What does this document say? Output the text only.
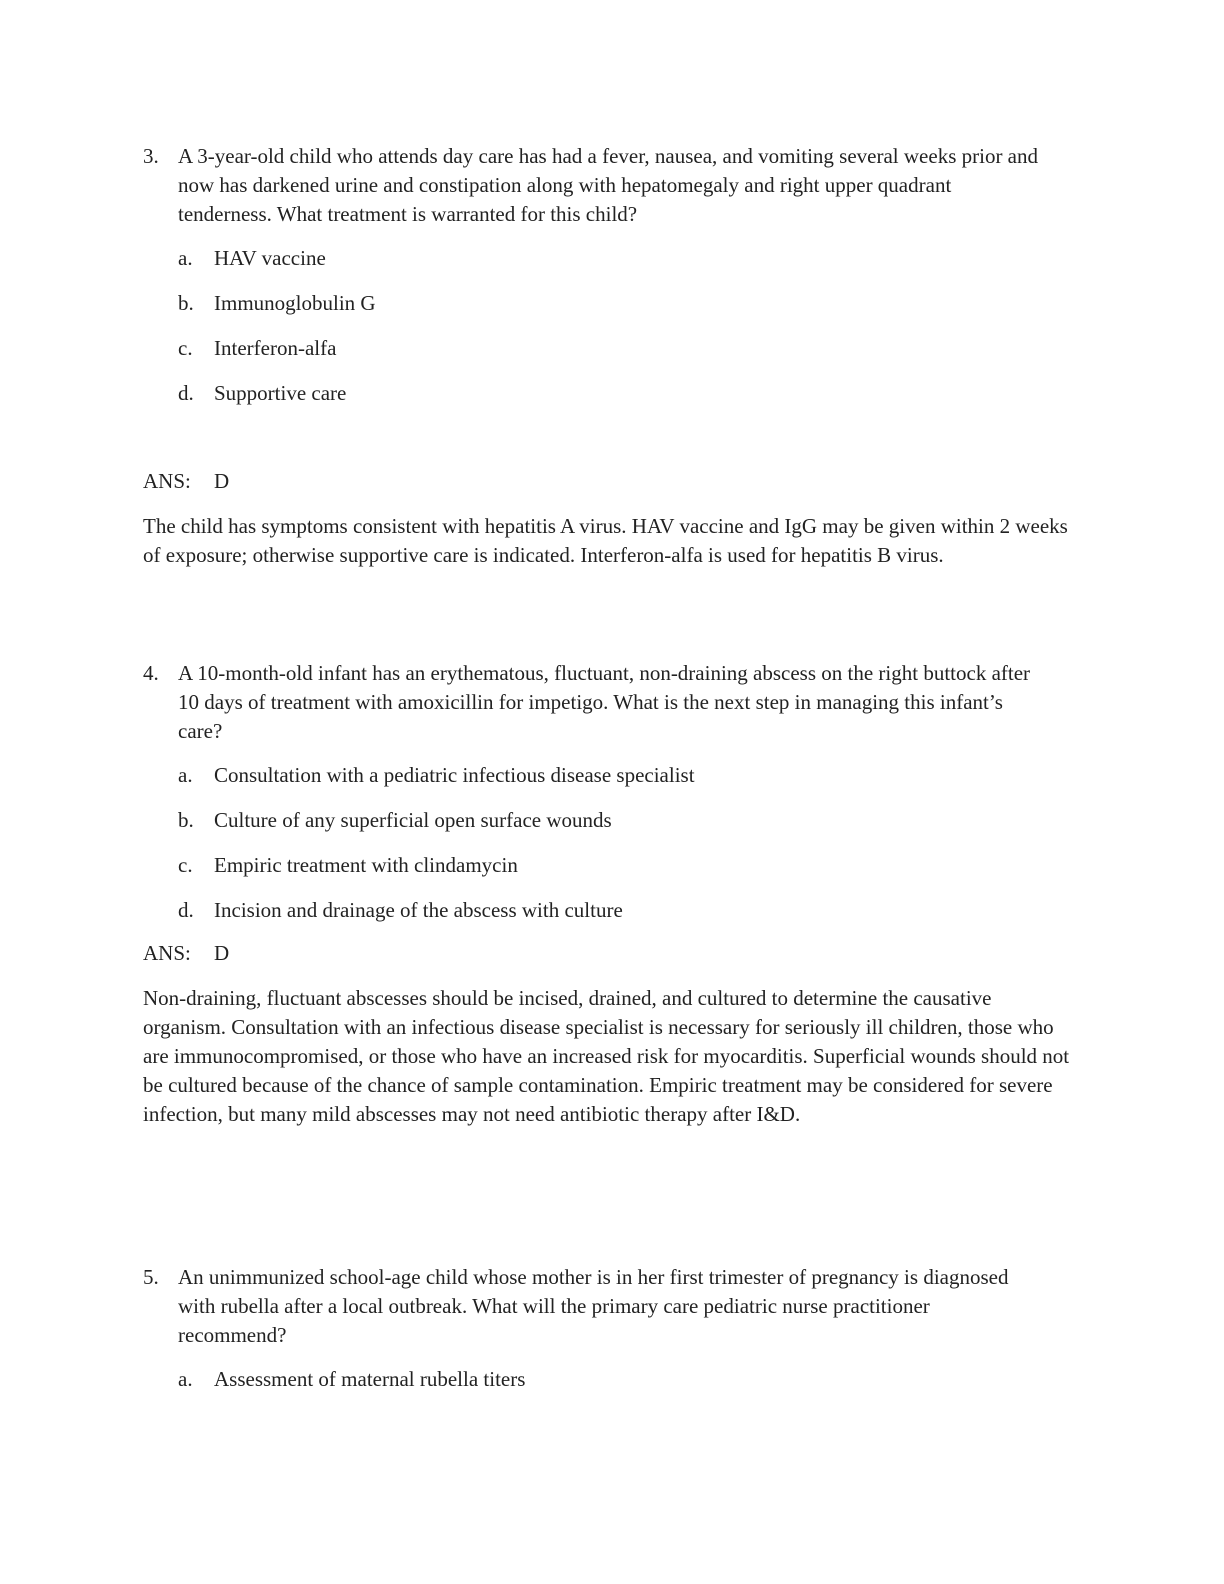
3. A 3-year-old child who attends day care has had a fever, nausea, and vomiting several weeks prior and now has darkened urine and constipation along with hepatomegaly and right upper quadrant tenderness. What treatment is warranted for this child?
a. HAV vaccine
b. Immunoglobulin G
c. Interferon-alfa
d. Supportive care
ANS: D
The child has symptoms consistent with hepatitis A virus. HAV vaccine and IgG may be given within 2 weeks of exposure; otherwise supportive care is indicated. Interferon-alfa is used for hepatitis B virus.
4. A 10-month-old infant has an erythematous, fluctuant, non-draining abscess on the right buttock after 10 days of treatment with amoxicillin for impetigo. What is the next step in managing this infant’s care?
a. Consultation with a pediatric infectious disease specialist
b. Culture of any superficial open surface wounds
c. Empiric treatment with clindamycin
d. Incision and drainage of the abscess with culture
ANS: D
Non-draining, fluctuant abscesses should be incised, drained, and cultured to determine the causative organism. Consultation with an infectious disease specialist is necessary for seriously ill children, those who are immunocompromised, or those who have an increased risk for myocarditis. Superficial wounds should not be cultured because of the chance of sample contamination. Empiric treatment may be considered for severe infection, but many mild abscesses may not need antibiotic therapy after I&D.
5. An unimmunized school-age child whose mother is in her first trimester of pregnancy is diagnosed with rubella after a local outbreak. What will the primary care pediatric nurse practitioner recommend?
a. Assessment of maternal rubella titers
